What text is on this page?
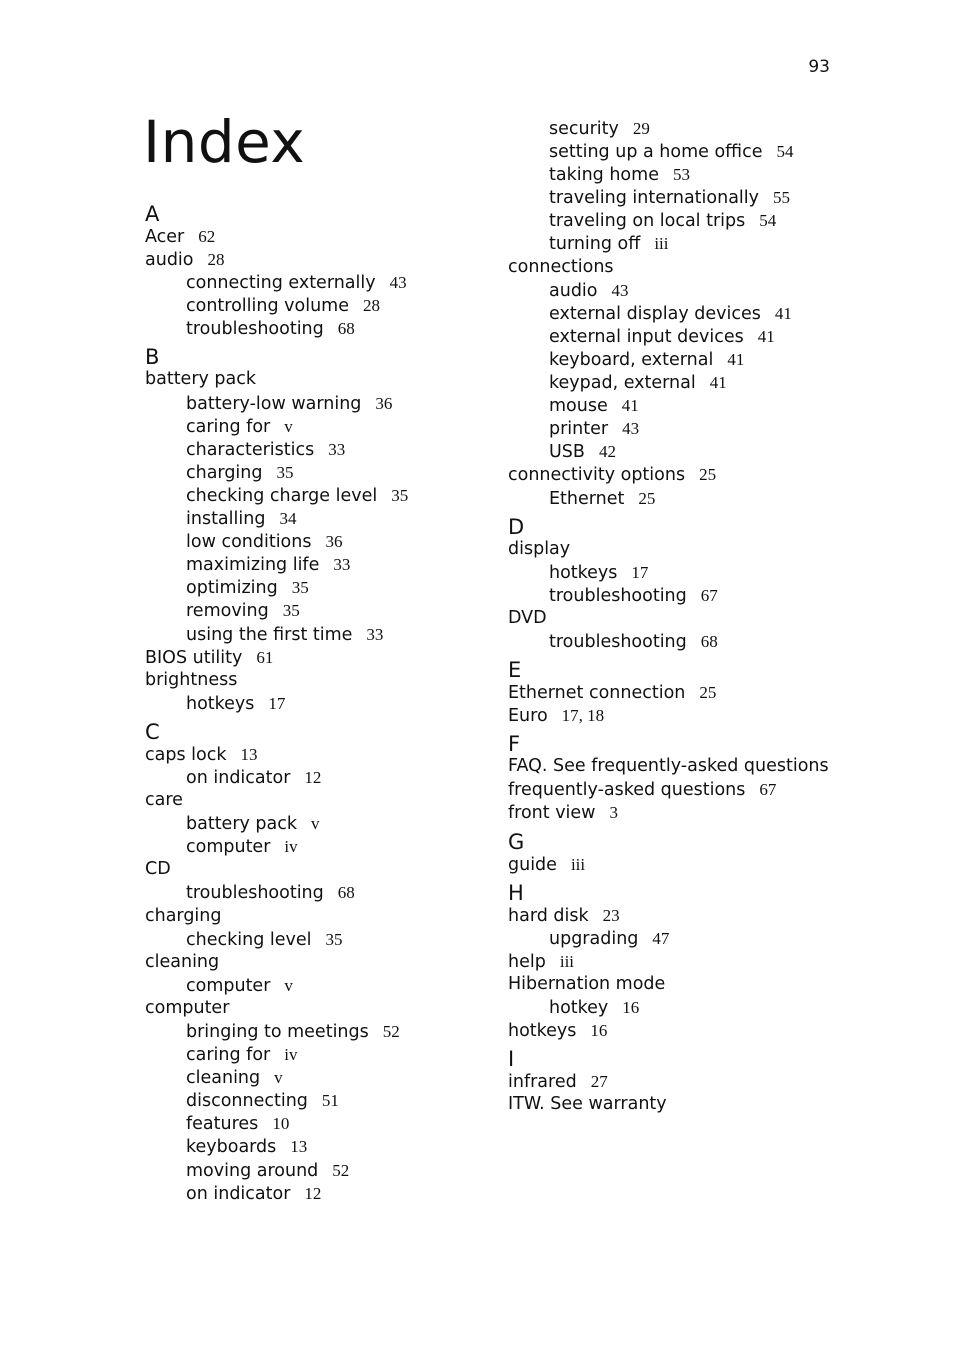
93
Index
A
Acer 62
audio 28
connecting externally 43
controlling volume 28
troubleshooting 68
B
battery pack
battery-low warning 36
caring for v
characteristics 33
charging 35
checking charge level 35
installing 34
low conditions 36
maximizing life 33
optimizing 35
removing 35
using the first time 33
BIOS utility 61
brightness
hotkeys 17
C
caps lock 13
on indicator 12
care
battery pack v
computer iv
CD
troubleshooting 68
charging
checking level 35
cleaning
computer v
computer
bringing to meetings 52
caring for iv
cleaning v
disconnecting 51
features 10
keyboards 13
moving around 52
on indicator 12
security 29
setting up a home office 54
taking home 53
traveling internationally 55
traveling on local trips 54
turning off iii
connections
audio 43
external display devices 41
external input devices 41
keyboard, external 41
keypad, external 41
mouse 41
printer 43
USB 42
connectivity options 25
Ethernet 25
D
display
hotkeys 17
troubleshooting 67
DVD
troubleshooting 68
E
Ethernet connection 25
Euro 17, 18
F
FAQ. See frequently-asked questions
frequently-asked questions 67
front view 3
G
guide iii
H
hard disk 23
upgrading 47
help iii
Hibernation mode
hotkey 16
hotkeys 16
I
infrared 27
ITW. See warranty
